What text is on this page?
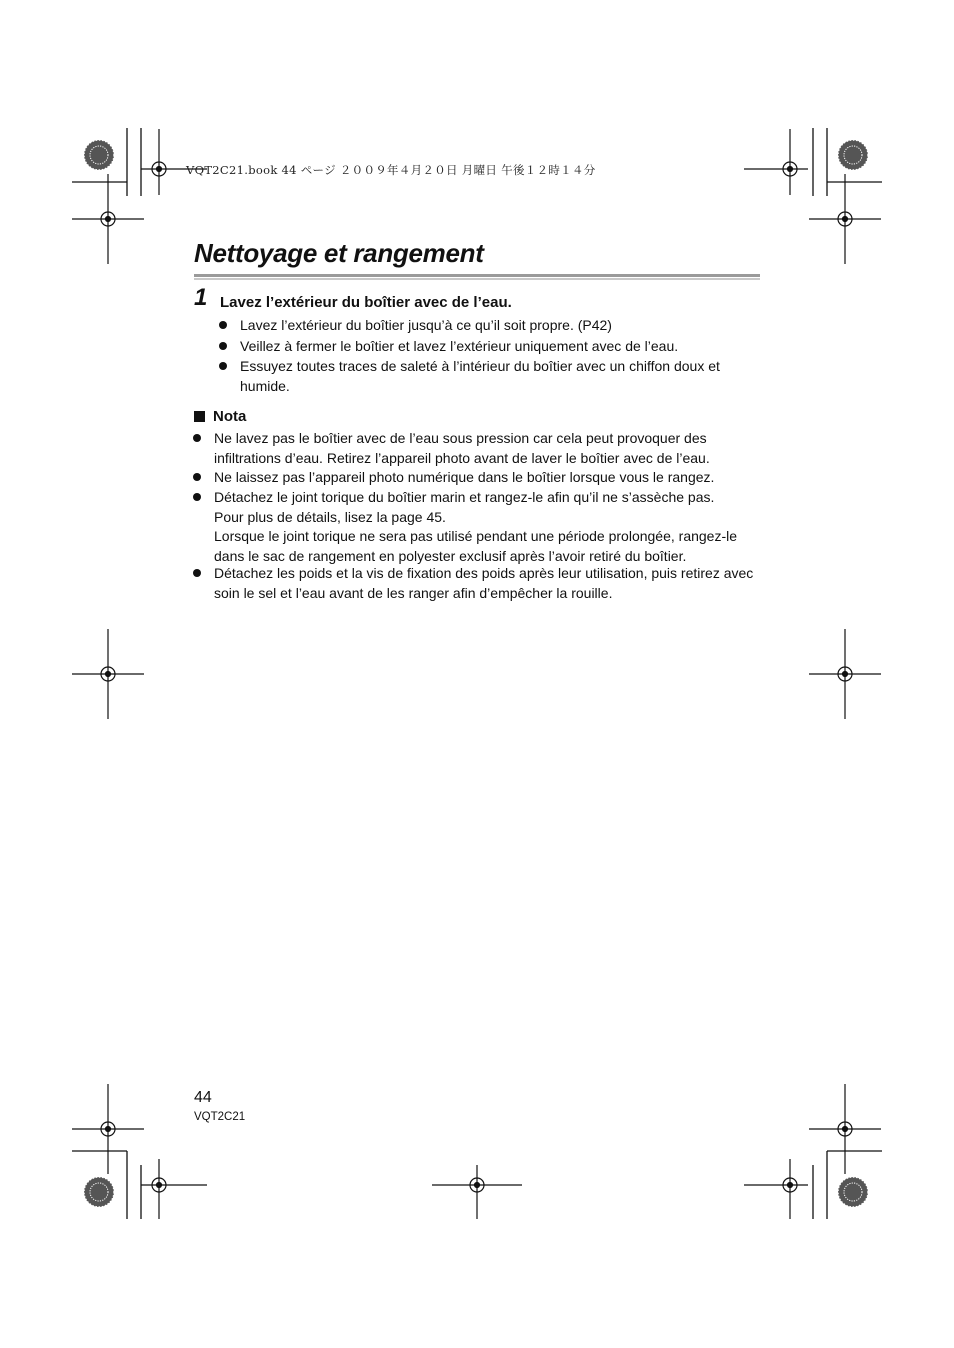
VQT2C21.book 44 ページ ２００９年４月２０日 月曜日 午後１２時１４分
Nettoyage et rangement
1 Lavez l’extérieur du boîtier avec de l’eau.
Lavez l’extérieur du boîtier jusqu’à ce qu’il soit propre. (P42)
Veillez à fermer le boîtier et lavez l’extérieur uniquement avec de l’eau.
Essuyez toutes traces de saleté à l’intérieur du boîtier avec un chiffon doux et humide.
Nota
Ne lavez pas le boîtier avec de l’eau sous pression car cela peut provoquer des infiltrations d’eau. Retirez l’appareil photo avant de laver le boîtier avec de l’eau.
Ne laissez pas l’appareil photo numérique dans le boîtier lorsque vous le rangez.
Détachez le joint torique du boîtier marin et rangez-le afin qu’il ne s’assèche pas.
Pour plus de détails, lisez la page 45.
Lorsque le joint torique ne sera pas utilisé pendant une période prolongée, rangez-le dans le sac de rangement en polyester exclusif après l’avoir retiré du boîtier.
Détachez les poids et la vis de fixation des poids après leur utilisation, puis retirez avec soin le sel et l’eau avant de les ranger afin d’empêcher la rouille.
44
VQT2C21
